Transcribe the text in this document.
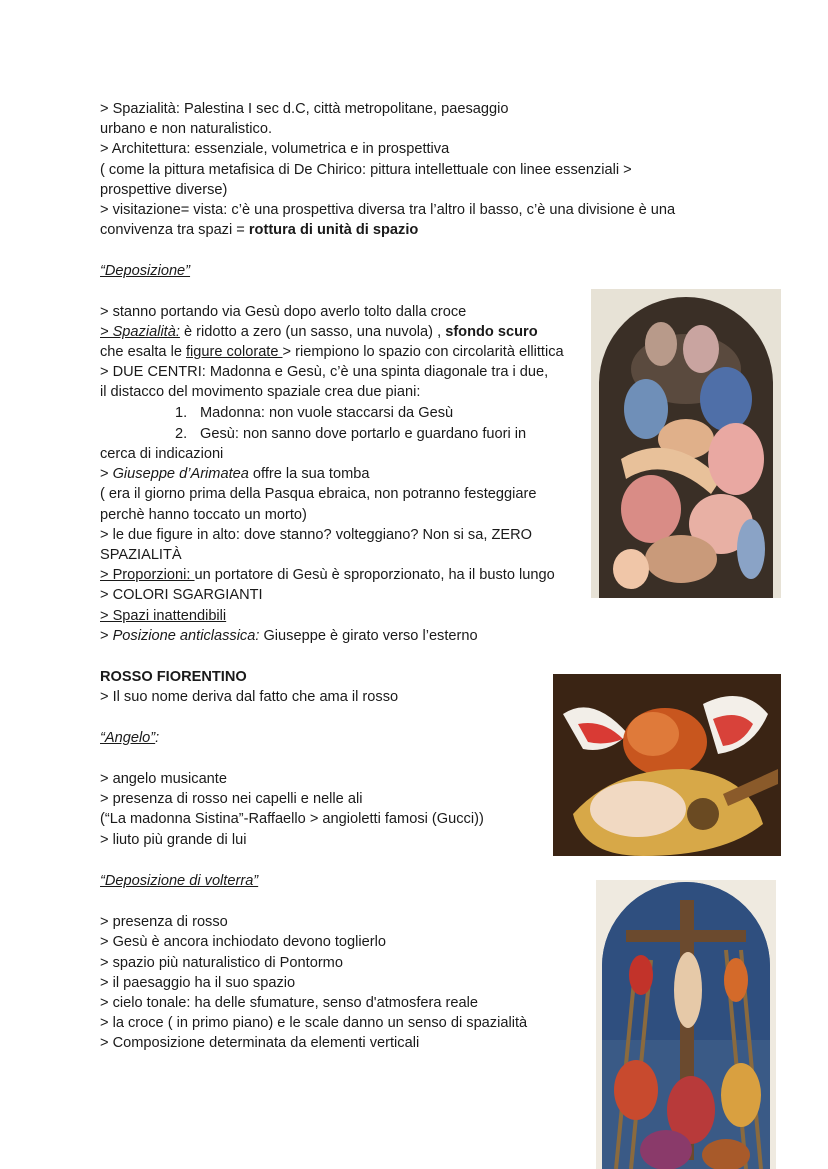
> Spazialità: Palestina I sec d.C, città metropolitane, paesaggio
urbano e non naturalistico.
> Architettura: essenziale, volumetrica e in prospettiva
( come la pittura metafisica di De Chirico: pittura intellettuale con linee essenziali >
prospettive diverse)
> visitazione= vista: c’è una prospettiva diversa tra l’altro il basso, c’è una divisione è una
convivenza tra spazi = rottura di unità di spazio
“Deposizione”
> stanno portando via Gesù dopo averlo tolto dalla croce
> Spazialità: è ridotto a zero (un sasso, una nuvola) , sfondo scuro
che esalta le figure colorate > riempiono lo spazio con circolarità ellittica
> DUE CENTRI: Madonna e Gesù, c’è una spinta diagonale tra i due,
il distacco del movimento spaziale crea due piani:
1. Madonna: non vuole staccarsi da Gesù
2. Gesù: non sanno dove portarlo e guardano fuori in
cerca di indicazioni
> Giuseppe d’Arimatea offre la sua tomba
( era il giorno prima della Pasqua ebraica, non potranno festeggiare
perchè hanno toccato un morto)
> le due figure in alto: dove stanno? volteggiano? Non si sa, ZERO
SPAZIALITÀ
> Proporzioni: un portatore di Gesù è sproporzionato, ha il busto lungo
> COLORI SGARGIANTI
> Spazi inattendibili
> Posizione anticlassica: Giuseppe è girato verso l’esterno
ROSSO FIORENTINO
> Il suo nome deriva dal fatto che ama il rosso
“Angelo”:
> angelo musicante
> presenza di rosso nei capelli e nelle ali
(“La madonna Sistina”-Raffaello > angioletti famosi (Gucci))
> liuto più grande di lui
“Deposizione di volterra”
> presenza di rosso
> Gesù è ancora inchiodato devono toglierlo
> spazio più naturalistico di Pontormo
> il paesaggio ha il suo spazio
> cielo tonale: ha delle sfumature, senso d'atmosfera reale
> la croce ( in primo piano) e le scale danno un senso di spazialità
> Composizione determinata da elementi verticali
